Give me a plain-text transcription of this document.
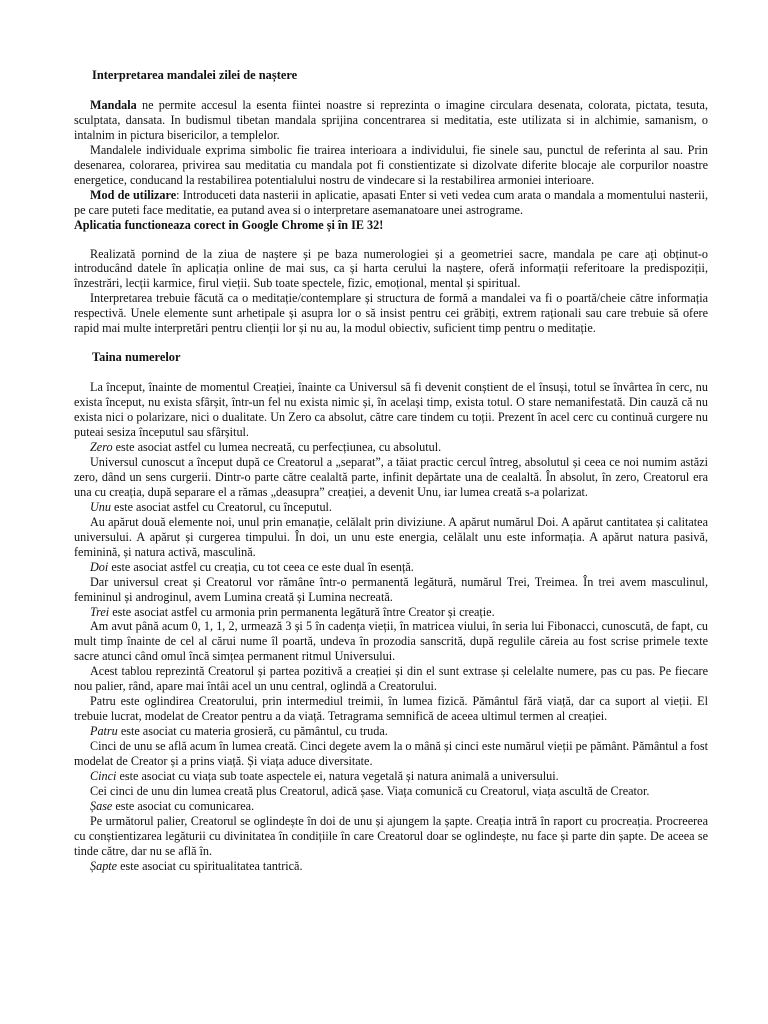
Interpretarea mandalei zilei de naștere

Mandala ne permite accesul la esenta fiintei noastre si reprezinta o imagine circulara desenata, colorata, pictata, tesuta, sculptata, dansata. In budismul tibetan mandala sprijina concentrarea si meditatia, este utilizata si in alchimie, samanism, o intalnim in pictura bisericilor, a templelor.

Mandalele individuale exprima simbolic fie trairea interioara a individului, fie sinele sau, punctul de referinta al sau. Prin desenarea, colorarea, privirea sau meditatia cu mandala pot fi constientizate si dizolvate diferite blocaje ale corpurilor noastre energetice, conducand la restabilirea potentialului nostru de vindecare si la restabilirea armoniei interioare.

Mod de utilizare: Introduceti data nasterii in aplicatie, apasati Enter si veti vedea cum arata o mandala a momentului nasterii, pe care puteti face meditatie, ea putand avea si o interpretare asemanatoare unei astrograme.

Aplicatia functioneaza corect in Google Chrome și în IE 32!

Realizată pornind de la ziua de naștere și pe baza numerologiei și a geometriei sacre, mandala pe care ați obținut-o introducând datele în aplicația online de mai sus, ca și harta cerului la naștere, oferă informații referitoare la predispoziții, înzestrări, lecții karmice, firul vieții. Sub toate spectele, fizic, emoțional, mental și spiritual.

Interpretarea trebuie făcută ca o meditație/contemplare și structura de formă a mandalei va fi o poartă/cheie către informația respectivă. Unele elemente sunt arhetipale și asupra lor o să insist pentru cei grăbiți, extrem raționali sau care trebuie să ofere rapid mai multe interpretări pentru clienții lor și nu au, la modul obiectiv, suficient timp pentru o meditație.

Taina numerelor

La început, înainte de momentul Creației, înainte ca Universul să fi devenit conștient de el însuși, totul se învârtea în cerc, nu exista început, nu exista sfârșit, într-un fel nu exista nimic și, în același timp, exista totul. O stare nemanifestată. Din cauză că nu exista nici o polarizare, nici o dualitate. Un Zero ca absolut, către care tindem cu toții. Prezent în acel cerc cu continuă curgere nu puteai sesiza începutul sau sfârșitul.

Zero este asociat astfel cu lumea necreată, cu perfecțiunea, cu absolutul.

Universul cunoscut a început după ce Creatorul a „separat”, a tăiat practic cercul întreg, absolutul și ceea ce noi numim astăzi zero, dând un sens curgerii. Dintr-o parte către cealaltă parte, infinit depărtate una de cealaltă. În absolut, în zero, Creatorul era una cu creația, după separare el a rămas „deasupra” creației, a devenit Unu, iar lumea creată s-a polarizat.

Unu este asociat astfel cu Creatorul, cu începutul.

Au apărut două elemente noi, unul prin emanație, celălalt prin diviziune. A apărut numărul Doi. A apărut cantitatea și calitatea universului. A apărut și curgerea timpului. În doi, un unu este energia, celălalt unu este informația. A apărut natura pasivă, feminină, și natura activă, masculină.

Doi este asociat astfel cu creația, cu tot ceea ce este dual în esență.

Dar universul creat și Creatorul vor rămâne într-o permanentă legătură, numărul Trei, Treimea. În trei avem masculinul, femininul și androginul, avem Lumina creată și Lumina necreată.

Trei este asociat astfel cu armonia prin permanenta legătură între Creator și creație.

Am avut până acum 0, 1, 1, 2, urmează 3 și 5 în cadența vieții, în matricea viului, în seria lui Fibonacci, cunoscută, de fapt, cu mult timp înainte de cel al cărui nume îl poartă, undeva în prozodia sanscrită, după regulile căreia au fost scrise primele texte sacre atunci când omul încă simțea permanent ritmul Universului.

Acest tablou reprezintă Creatorul și partea pozitivă a creației și din el sunt extrase și celelalte numere, pas cu pas. Pe fiecare nou palier, rând, apare mai întâi acel un unu central, oglindă a Creatorului.

Patru este oglindirea Creatorului, prin intermediul treimii, în lumea fizică. Pământul fără viață, dar ca suport al vieții. El trebuie lucrat, modelat de Creator pentru a da viață. Tetragrama semnifică de aceea ultimul termen al creației.

Patru este asociat cu materia grosieră, cu pământul, cu truda.

Cinci de unu se află acum în lumea creată. Cinci degete avem la o mână și cinci este numărul vieții pe pământ. Pământul a fost modelat de Creator și a prins viață. Și viața aduce diversitate.

Cinci este asociat cu viața sub toate aspectele ei, natura vegetală și natura animală a universului.

Cei cinci de unu din lumea creată plus Creatorul, adică șase. Viața comunică cu Creatorul, viața ascultă de Creator.

Șase este asociat cu comunicarea.

Pe următorul palier, Creatorul se oglindește în doi de unu și ajungem la șapte. Creația intră în raport cu procreația. Procreerea cu conștientizarea legăturii cu divinitatea în condițiile în care Creatorul doar se oglindește, nu face și parte din șapte. De aceea se tinde către, dar nu se află în.

Șapte este asociat cu spiritualitatea tantrică.
